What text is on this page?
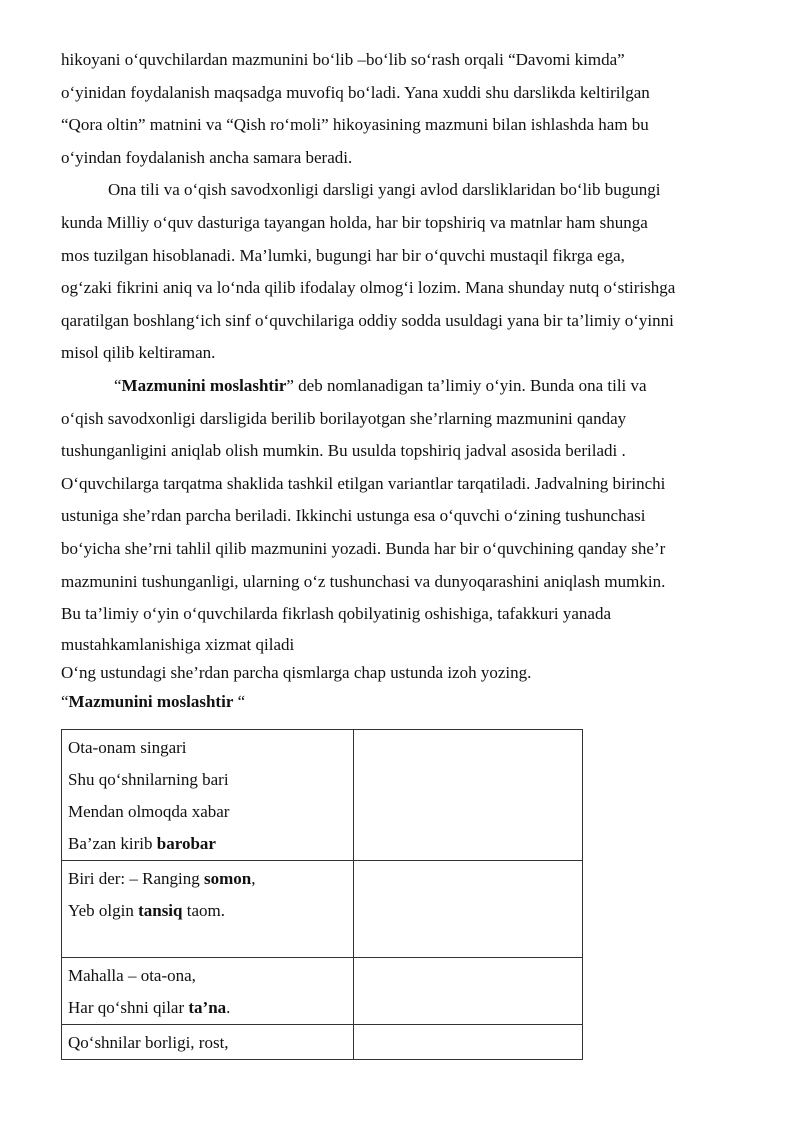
hikoyani o‘quvchilardan mazmunini bo‘lib –bo‘lib so‘rash orqali “Davomi kimda”
o‘yinidan foydalanish maqsadga muvofiq bo‘ladi. Yana xuddi shu darslikda keltirilgan
“Qora oltin” matnini va “Qish ro‘moli” hikoyasining mazmuni bilan ishlashda ham bu
o‘yindan foydalanish ancha samara beradi.
Ona tili va o‘qish savodxonligi darsligi yangi avlod darsliklaridan bo‘lib bugungi
kunda Milliy o‘quv dasturiga tayangan holda, har bir topshiriq va matnlar ham shunga
mos tuzilgan hisoblanadi. Ma’lumki, bugungi har bir o‘quvchi mustaqil fikrga ega,
og‘zaki fikrini aniq va lo‘nda qilib ifodalay olmog‘i lozim. Mana shunday nutq o‘stirishga
qaratilgan boshlang‘ich sinf o‘quvchilariga oddiy sodda usuldagi yana bir ta’limiy o‘yinni
misol qilib keltiraman.
“Mazmunini moslashtir” deb nomlanadigan ta’limiy o‘yin. Bunda ona tili va
o‘qish savodxonligi darsligida berilib borilayotgan she’rlarning mazmunini qanday
tushunganligini aniqlab olish mumkin. Bu usulda topshiriq jadval asosida beriladi .
O‘quvchilarga tarqatma shaklida tashkil etilgan variantlar tarqatiladi. Jadvalning birinchi
ustuniga she’rdan parcha beriladi. Ikkinchi ustunga esa o‘quvchi o‘zining tushunchasi
bo‘yicha she’rni tahlil qilib mazmunini yozadi. Bunda har bir o‘quvchining qanday she’r
mazmunini tushunganligi, ularning o‘z tushunchasi va dunyoqarashini aniqlash mumkin.
Bu ta’limiy o‘yin o‘quvchilarda fikrlash qobilyatinig oshishiga, tafakkuri yanada
mustahkamlanishiga xizmat qiladi
O‘ng ustundagi she’rdan parcha qismlarga chap ustunda izoh yozing.
“Mazmunini moslashtir “
Ota-onam singari
Shu qo‘shnilarning bari
Mendan olmoqda xabar
Ba’zan kirib barobar	

Biri der: – Ranging somon,
Yeb olgin tansiq taom.	

Mahalla – ota-ona,
Har qo‘shni qilar ta’na.	

Qo‘shnilar borligi, rost,	
